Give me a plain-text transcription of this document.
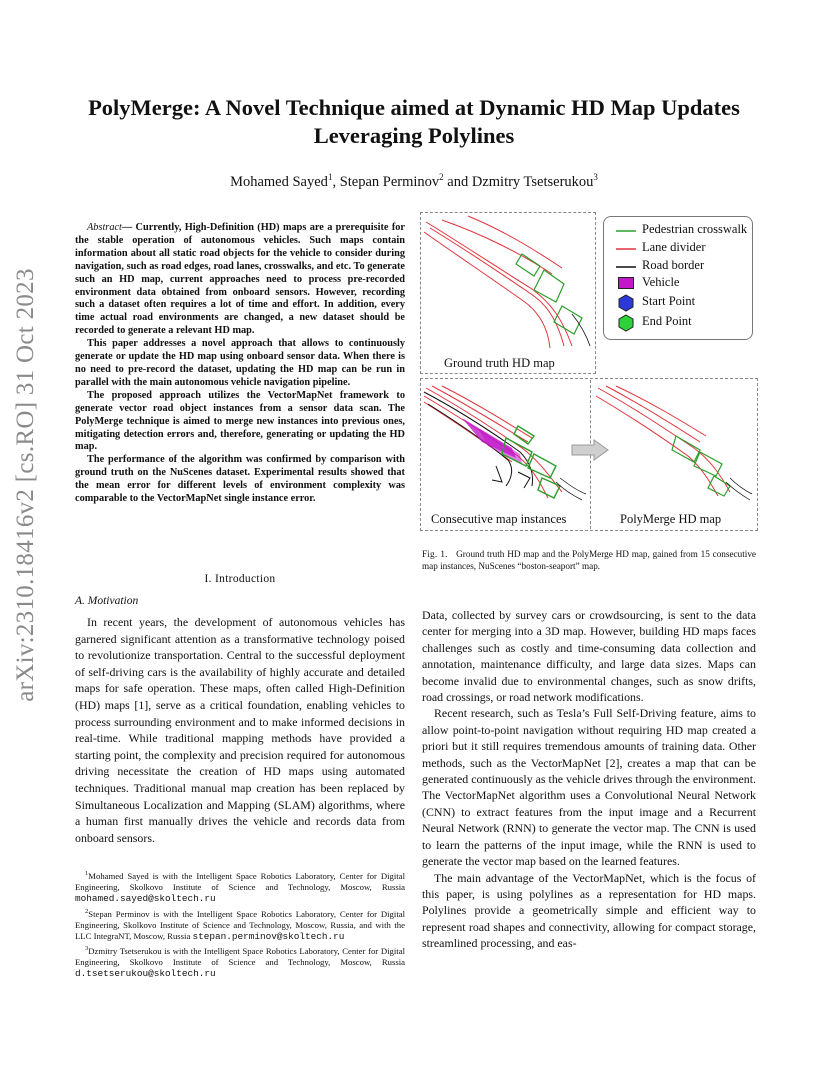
arXiv:2310.18416v2 [cs.RO] 31 Oct 2023
PolyMerge: A Novel Technique aimed at Dynamic HD Map Updates
Leveraging Polylines
Mohamed Sayed$^1$, Stepan Perminov$^2$ and Dzmitry Tsetserukou$^3$

Abstract— Currently, High-Definition (HD) maps are a prerequisite for the stable operation of autonomous vehicles. Such maps contain information about all static road objects for the vehicle to consider during navigation, such as road edges, road lanes, crosswalks, and etc. To generate such an HD map, current approaches need to process pre-recorded environment data obtained from onboard sensors. However, recording such a dataset often requires a lot of time and effort. In addition, every time actual road environments are changed, a new dataset should be recorded to generate a relevant HD map.

This paper addresses a novel approach that allows to continuously generate or update the HD map using onboard sensor data. When there is no need to pre-record the dataset, updating the HD map can be run in parallel with the main autonomous vehicle navigation pipeline.

The proposed approach utilizes the VectorMapNet framework to generate vector road object instances from a sensor data scan. The PolyMerge technique is aimed to merge new instances into previous ones, mitigating detection errors and, therefore, generating or updating the HD map.

The performance of the algorithm was confirmed by comparison with ground truth on the NuScenes dataset. Experimental results showed that the mean error for different levels of environment complexity was comparable to the VectorMapNet single instance error.

I. Introduction
A. Motivation

In recent years, the development of autonomous vehicles has garnered significant attention as a transformative technology poised to revolutionize transportation. Central to the successful deployment of self-driving cars is the availability of highly accurate and detailed maps for safe operation. These maps, often called High-Definition (HD) maps [1], serve as a critical foundation, enabling vehicles to process surrounding environment and to make informed decisions in real-time. While traditional mapping methods have provided a starting point, the complexity and precision required for autonomous driving necessitate the creation of HD maps using automated techniques. Traditional manual map creation has been replaced by Simultaneous Localization and Mapping (SLAM) algorithms, where a human first manually drives the vehicle and records data from onboard sensors.

$^1$Mohamed Sayed is with the Intelligent Space Robotics Laboratory, Center for Digital Engineering, Skolkovo Institute of Science and Technology, Moscow, Russia mohamed.sayed@skoltech.ru

$^2$Stepan Perminov is with the Intelligent Space Robotics Laboratory, Center for Digital Engineering, Skolkovo Institute of Science and Technology, Moscow, Russia, and with the LLC IntegraNT, Moscow, Russia stepan.perminov@skoltech.ru

$^3$Dzmitry Tsetserukou is with the Intelligent Space Robotics Laboratory, Center for Digital Engineering, Skolkovo Institute of Science and Technology, Moscow, Russia d.tsetserukou@skoltech.ru

Ground truth HD map
Pedestrian crosswalk
Lane divider
Road border
Vehicle
Start Point
End Point
Consecutive map instances	PolyMerge HD map
Fig. 1. Ground truth HD map and the PolyMerge HD map, gained from 15 consecutive map instances, NuScenes “boston-seaport” map.

Data, collected by survey cars or crowdsourcing, is sent to the data center for merging into a 3D map. However, building HD maps faces challenges such as costly and time-consuming data collection and annotation, maintenance difficulty, and large data sizes. Maps can become invalid due to environmental changes, such as snow drifts, road crossings, or road network modifications.

Recent research, such as Tesla’s Full Self-Driving feature, aims to allow point-to-point navigation without requiring HD map created a priori but it still requires tremendous amounts of training data. Other methods, such as the VectorMapNet [2], creates a map that can be generated continuously as the vehicle drives through the environment. The VectorMapNet algorithm uses a Convolutional Neural Network (CNN) to extract features from the input image and a Recurrent Neural Network (RNN) to generate the vector map. The CNN is used to learn the patterns of the input image, while the RNN is used to generate the vector map based on the learned features.

The main advantage of the VectorMapNet, which is the focus of this paper, is using polylines as a representation for HD maps. Polylines provide a geometrically simple and efficient way to represent road shapes and connectivity, allowing for compact storage, streamlined processing, and eas-
